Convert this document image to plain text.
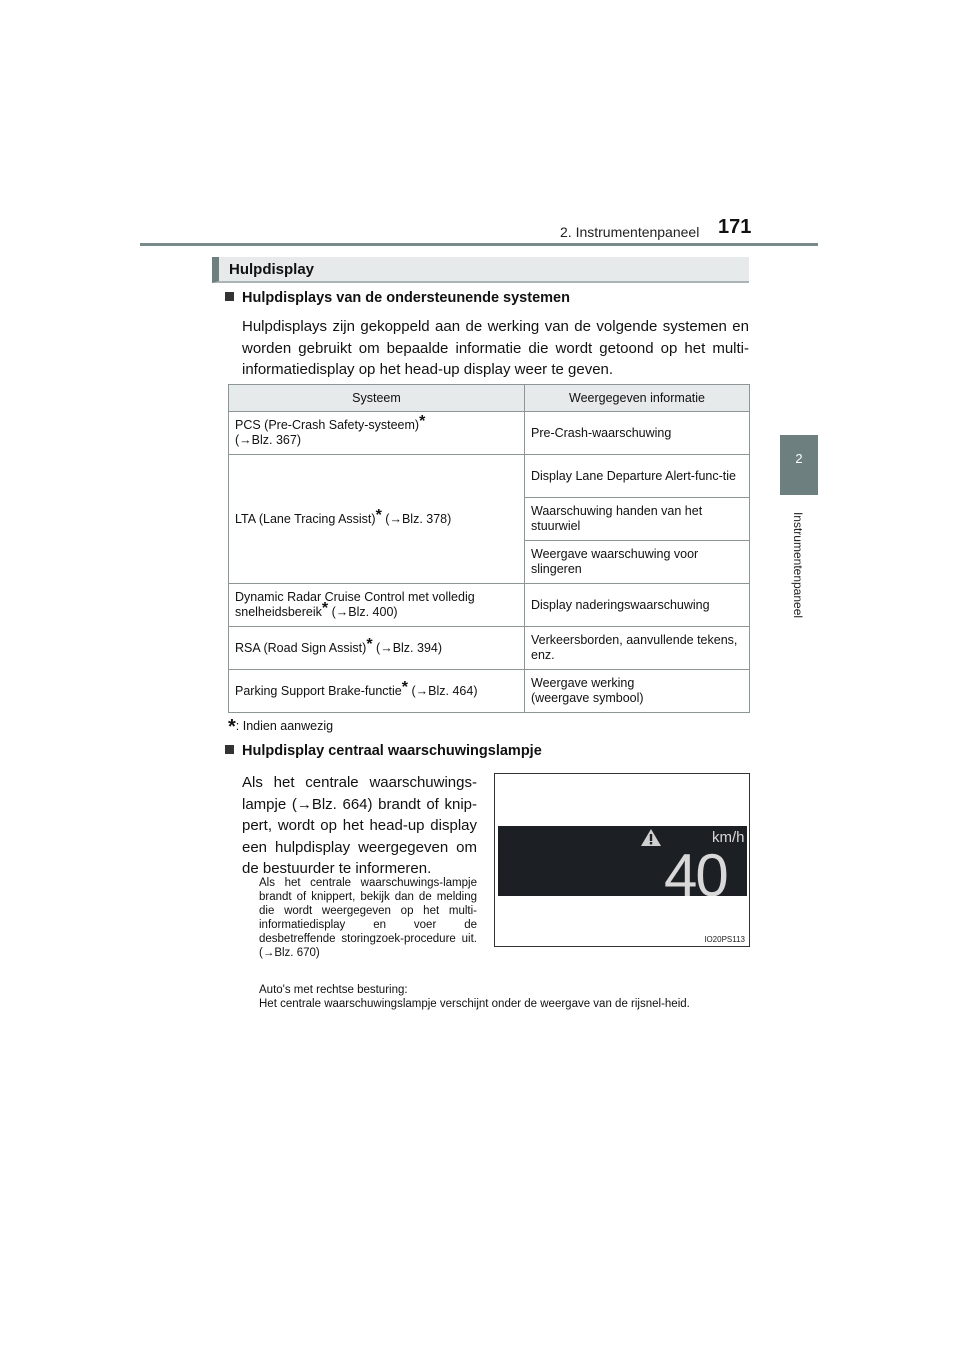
2. Instrumentenpaneel 171
2
Instrumentenpaneel
Hulpdisplay
Hulpdisplays van de ondersteunende systemen
Hulpdisplays zijn gekoppeld aan de werking van de volgende systemen en worden gebruikt om bepaalde informatie die wordt getoond op het multi-informatiedisplay op het head-up display weer te geven.
Systeem	Weergegeven informatie
PCS (Pre-Crash Safety-systeem)*
(→Blz. 367)	Pre-Crash-waarschuwing
LTA (Lane Tracing Assist)* (→Blz. 378)	Display Lane Departure Alert-func-tie
	Waarschuwing handen van het stuurwiel
	Weergave waarschuwing voor slingeren
Dynamic Radar Cruise Control met volledig
snelheidsbereik* (→Blz. 400)	Display naderingswaarschuwing
RSA (Road Sign Assist)* (→Blz. 394)	Verkeersborden, aanvullende tekens, enz.
Parking Support Brake-functie* (→Blz. 464)	Weergave werking
(weergave symbool)
*: Indien aanwezig
Hulpdisplay centraal waarschuwingslampje
Als het centrale waarschuwings-lampje (→Blz. 664) brandt of knip-pert, wordt op het head-up display een hulpdisplay weergegeven om de bestuurder te informeren.
Als het centrale waarschuwings-lampje brandt of knippert, bekijk dan de melding die wordt weergegeven op het multi-informatiedisplay en voer de desbetreffende storingzoek-procedure uit. (→Blz. 670)
Auto's met rechtse besturing:
Het centrale waarschuwingslampje verschijnt onder de weergave van de rijsnel-heid.
km/h
40
IO20PS113
